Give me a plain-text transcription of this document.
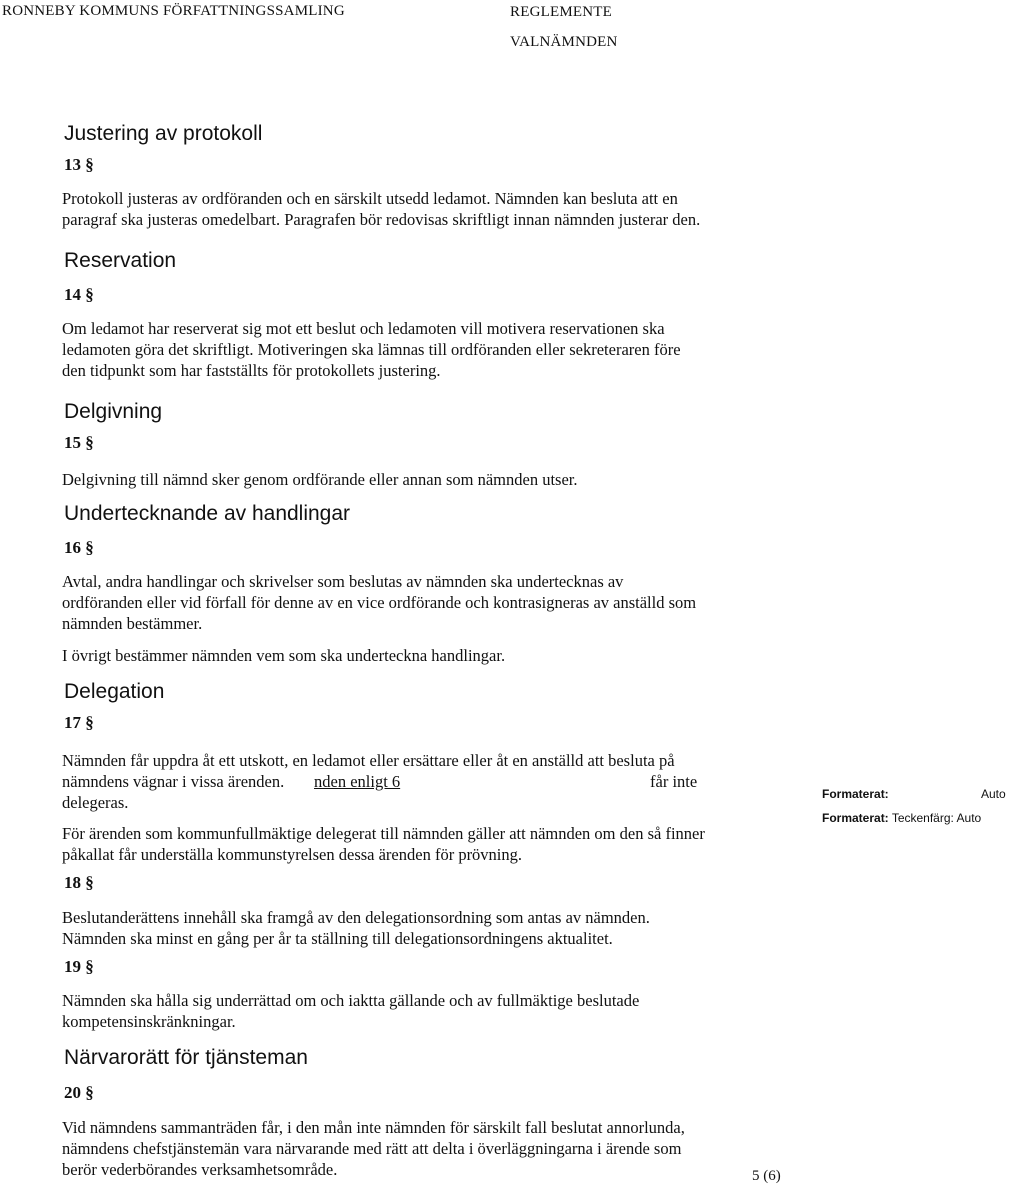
RONNEBY KOMMUNS FÖRFATTNINGSSAMLING	REGLEMENTE
VALNÄMNDEN
Justering av protokoll
13 §
Protokoll justeras av ordföranden och en särskilt utsedd ledamot. Nämnden kan besluta att en
paragraf ska justeras omedelbart. Paragrafen bör redovisas skriftligt innan nämnden justerar den.
Reservation
14 §
Om ledamot har reserverat sig mot ett beslut och ledamoten vill motivera reservationen ska
ledamoten göra det skriftligt. Motiveringen ska lämnas till ordföranden eller sekreteraren före
den tidpunkt som har fastställts för protokollets justering.
Delgivning
15 §
Delgivning till nämnd sker genom ordförande eller annan som nämnden utser.
Undertecknande av handlingar
16 §
Avtal, andra handlingar och skrivelser som beslutas av nämnden ska undertecknas av
ordföranden eller vid förfall för denne av en vice ordförande och kontrasigneras av anställd som
nämnden bestämmer.
I övrigt bestämmer nämnden vem som ska underteckna handlingar.
Delegation
17 §
Nämnden får uppdra åt ett utskott, en ledamot eller ersättare eller åt en anställd att besluta på
nämndens vägnar i vissa ärenden. nden enligt 6	får inte
delegeras.
För ärenden som kommunfullmäktige delegerat till nämnden gäller att nämnden om den så finner
påkallat får underställa kommunstyrelsen dessa ärenden för prövning.
18 §
Beslutanderättens innehåll ska framgå av den delegationsordning som antas av nämnden.
Nämnden ska minst en gång per år ta ställning till delegationsordningens aktualitet.
19 §
Nämnden ska hålla sig underrättad om och iaktta gällande och av fullmäktige beslutade
kompetensinskränkningar.
Närvarorätt för tjänsteman
20 §
Vid nämndens sammanträden får, i den mån inte nämnden för särskilt fall beslutat annorlunda,
nämndens chefstjänstemän vara närvarande med rätt att delta i överläggningarna i ärende som
berör vederbörandes verksamhetsområde.
Formaterat:	Auto
Formaterat: Teckenfärg: Auto
5 (6)
